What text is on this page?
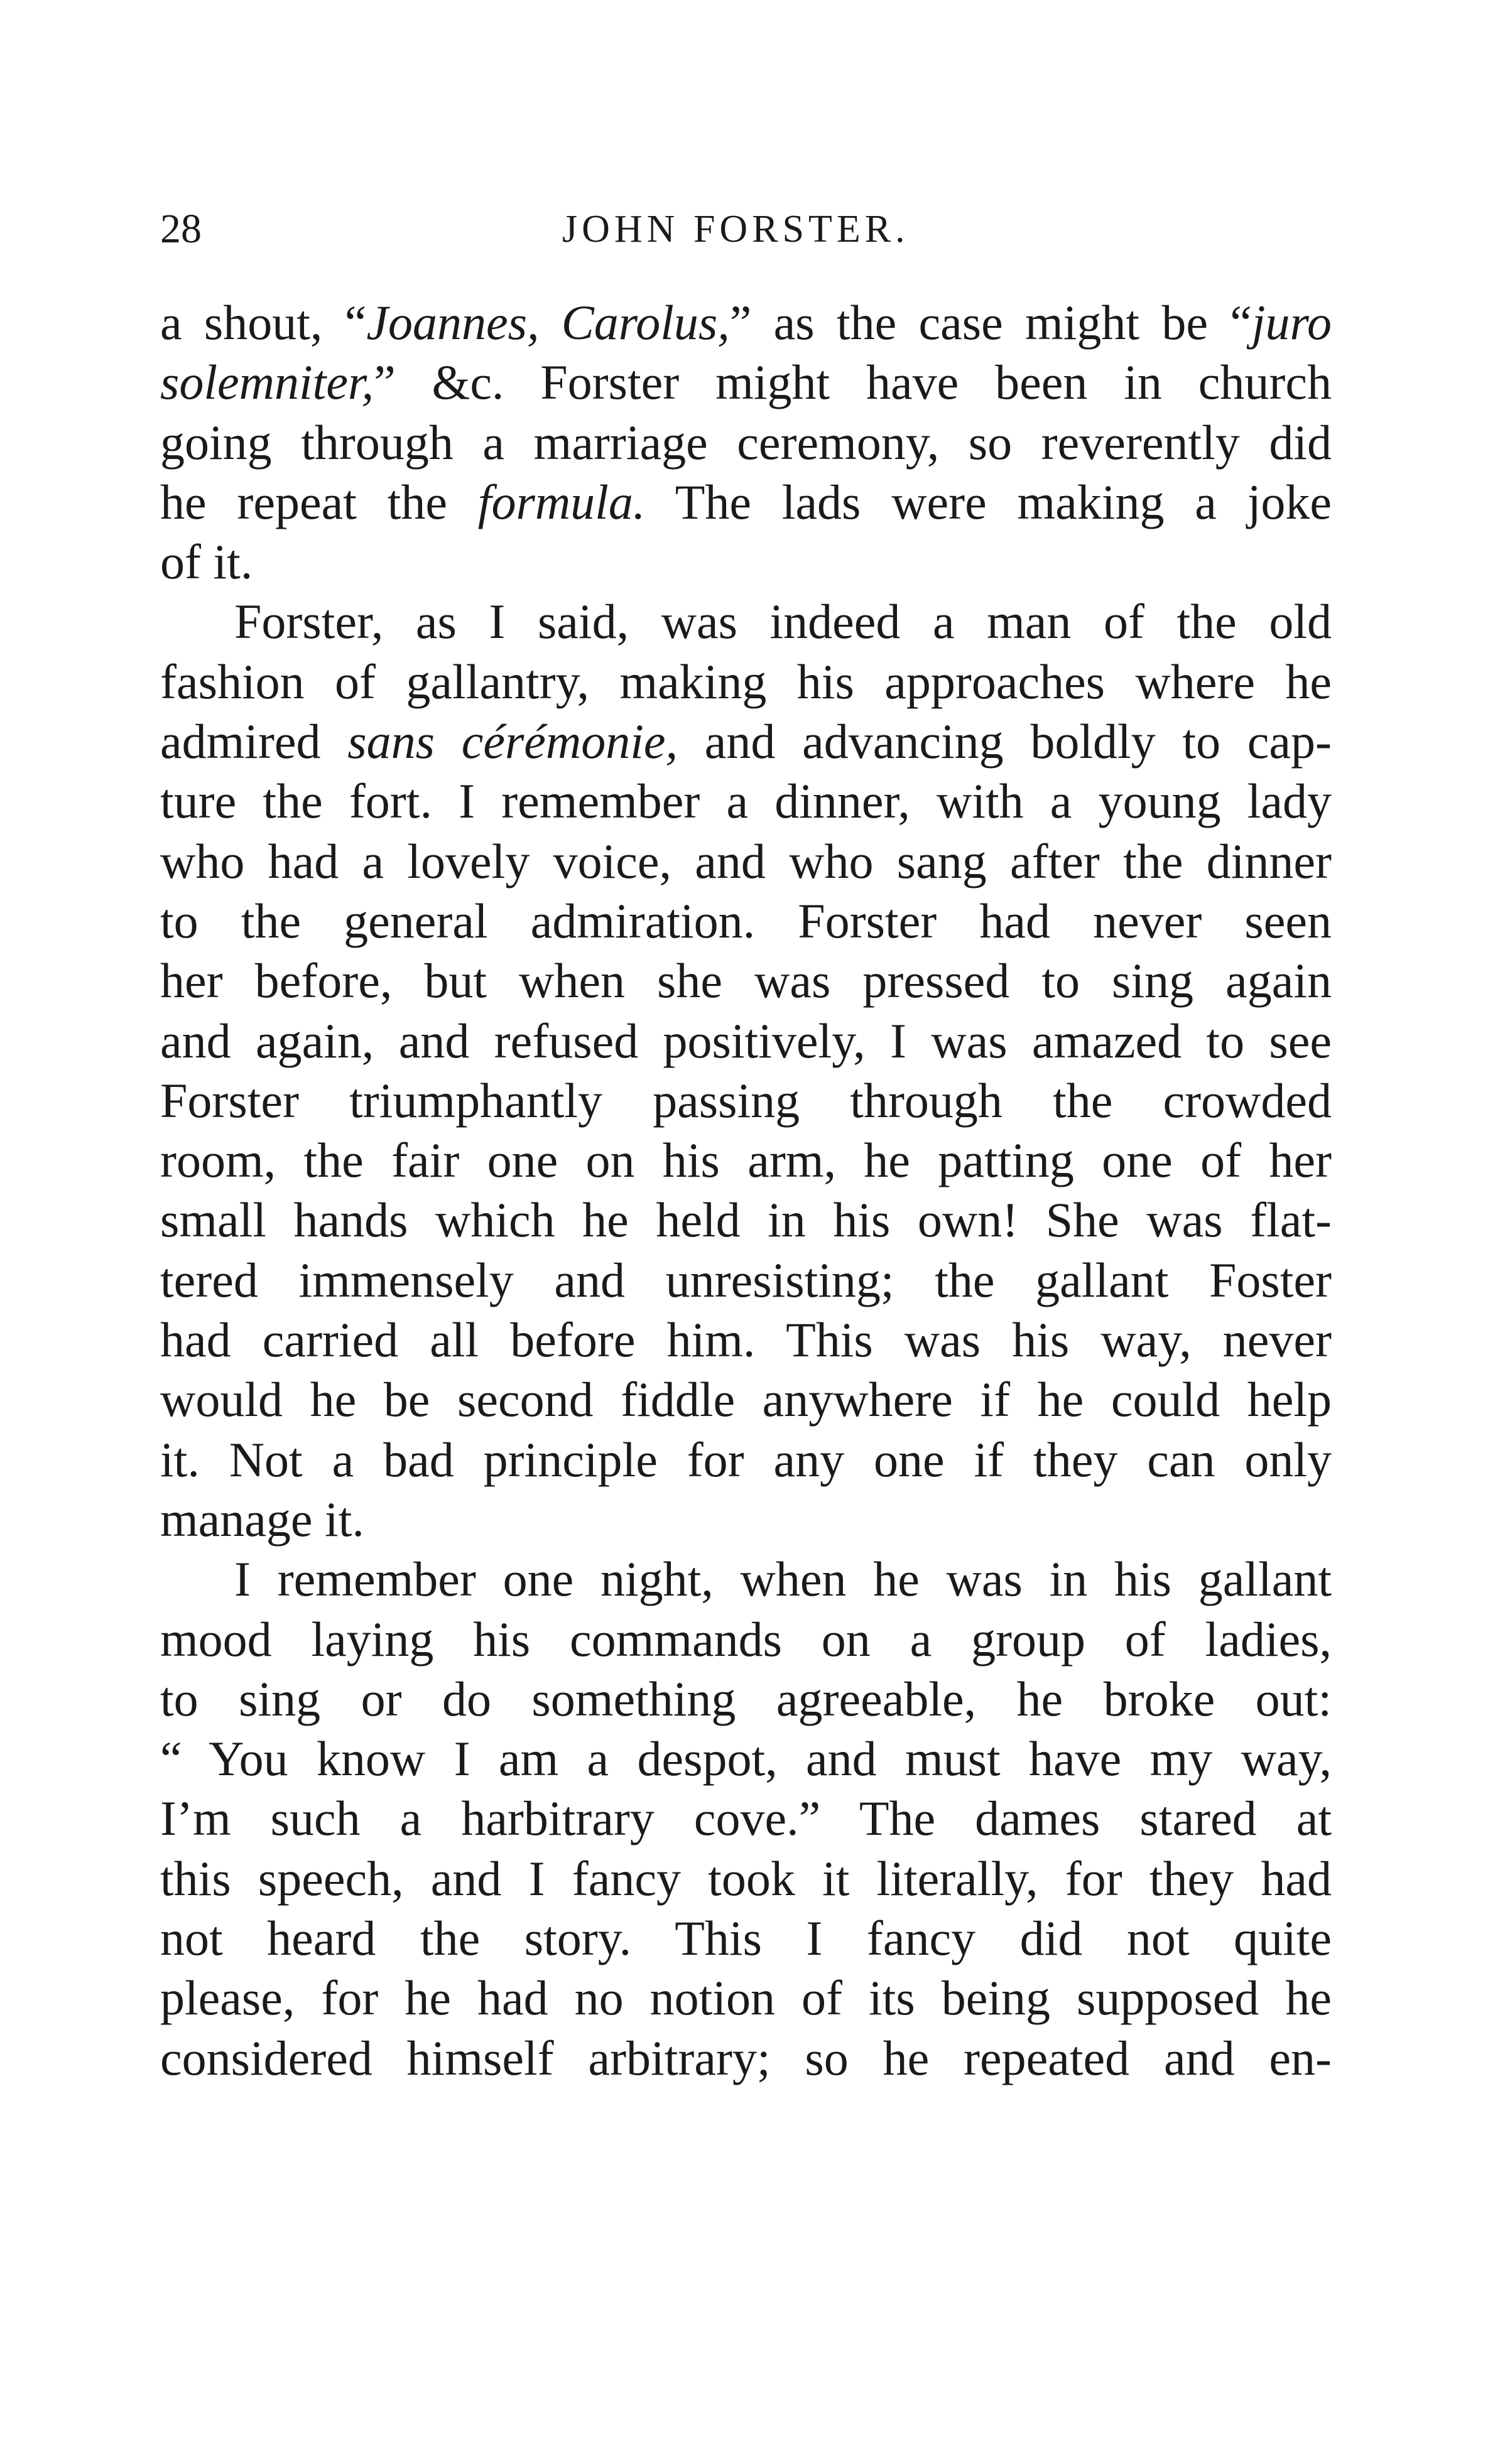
28	JOHN FORSTER.
a shout, “Joannes, Carolus,” as the case might be “juro
solemniter,” &c. Forster might have been in church
going through a marriage ceremony, so reverently did
he repeat the formula. The lads were making a joke
of it.
Forster, as I said, was indeed a man of the old
fashion of gallantry, making his approaches where he
admired sans cérémonie, and advancing boldly to cap-
ture the fort. I remember a dinner, with a young lady
who had a lovely voice, and who sang after the dinner
to the general admiration. Forster had never seen
her before, but when she was pressed to sing again
and again, and refused positively, I was amazed to see
Forster triumphantly passing through the crowded
room, the fair one on his arm, he patting one of her
small hands which he held in his own! She was flat-
tered immensely and unresisting; the gallant Foster
had carried all before him. This was his way, never
would he be second fiddle anywhere if he could help
it. Not a bad principle for any one if they can only
manage it.
I remember one night, when he was in his gallant
mood laying his commands on a group of ladies,
to sing or do something agreeable, he broke out:
“ You know I am a despot, and must have my way,
I’m such a harbitrary cove.” The dames stared at
this speech, and I fancy took it literally, for they had
not heard the story. This I fancy did not quite
please, for he had no notion of its being supposed he
considered himself arbitrary; so he repeated and en-
